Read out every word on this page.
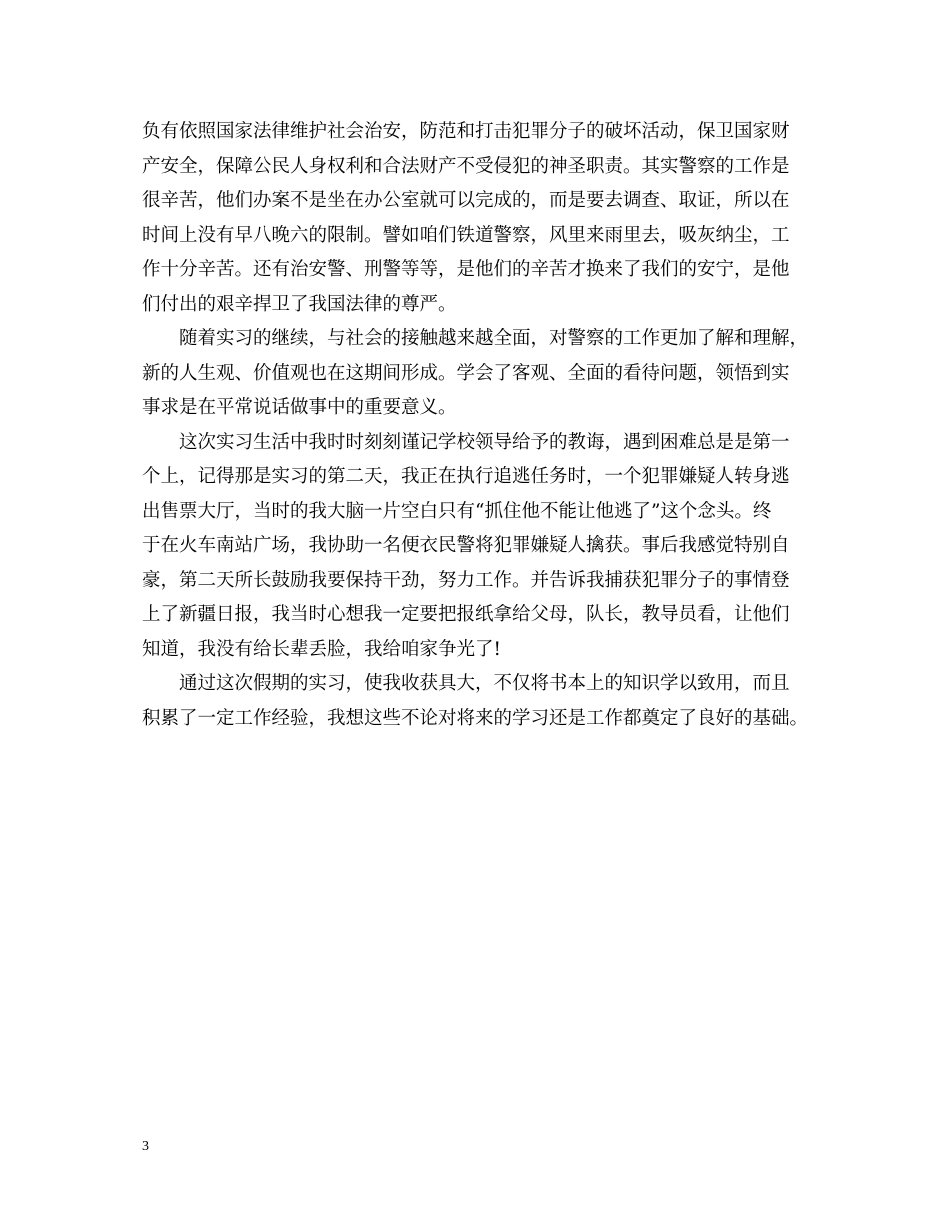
负有依照国家法律维护社会治安，防范和打击犯罪分子的破坏活动，保卫国家财
产安全，保障公民人身权利和合法财产不受侵犯的神圣职责。其实警察的工作是
很辛苦，他们办案不是坐在办公室就可以完成的，而是要去调查、取证，所以在
时间上没有早八晚六的限制。譬如咱们铁道警察，风里来雨里去，吸灰纳尘，工
作十分辛苦。还有治安警、刑警等等，是他们的辛苦才换来了我们的安宁，是他
们付出的艰辛捍卫了我国法律的尊严。
　　随着实习的继续，与社会的接触越来越全面，对警察的工作更加了解和理解，
新的人生观、价值观也在这期间形成。学会了客观、全面的看待问题，领悟到实
事求是在平常说话做事中的重要意义。
　　这次实习生活中我时时刻刻谨记学校领导给予的教诲，遇到困难总是是第一
个上，记得那是实习的第二天，我正在执行追逃任务时，一个犯罪嫌疑人转身逃
出售票大厅，当时的我大脑一片空白只有“抓住他不能让他逃了”这个念头。终
于在火车南站广场，我协助一名便衣民警将犯罪嫌疑人擒获。事后我感觉特别自
豪，第二天所长鼓励我要保持干劲，努力工作。并告诉我捕获犯罪分子的事情登
上了新疆日报，我当时心想我一定要把报纸拿给父母，队长，教导员看，让他们
知道，我没有给长辈丢脸，我给咱家争光了!
　　通过这次假期的实习，使我收获具大，不仅将书本上的知识学以致用，而且
积累了一定工作经验，我想这些不论对将来的学习还是工作都奠定了良好的基础。
3
